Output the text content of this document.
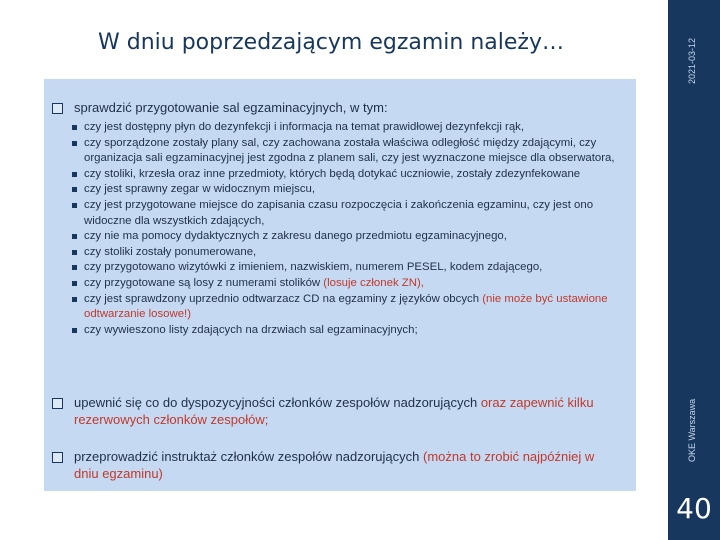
W dniu poprzedzającym egzamin należy…	2021-03-12
OKE Warszawa
40
sprawdzić przygotowanie sal egzaminacyjnych, w tym:
czy jest dostępny płyn do dezynfekcji i informacja na temat prawidłowej dezynfekcji rąk,
czy sporządzone zostały plany sal, czy zachowana została właściwa odległość między zdającymi, czy organizacja sali egzaminacyjnej jest zgodna z planem sali, czy jest wyznaczone miejsce dla obserwatora,
czy stoliki, krzesła oraz inne przedmioty, których będą dotykać uczniowie, zostały zdezynfekowane
czy jest sprawny zegar w widocznym miejscu,
czy jest przygotowane miejsce do zapisania czasu rozpoczęcia i zakończenia egzaminu, czy jest ono widoczne dla wszystkich zdających,
czy nie ma pomocy dydaktycznych z zakresu danego przedmiotu egzaminacyjnego,
czy stoliki zostały ponumerowane,
czy przygotowano wizytówki z imieniem, nazwiskiem, numerem PESEL, kodem zdającego,
czy przygotowane są losy z numerami stolików (losuje członek ZN),
czy jest sprawdzony uprzednio odtwarzacz CD na egzaminy z języków obcych (nie może być ustawione odtwarzanie losowe!)
czy wywieszono listy zdających na drzwiach sal egzaminacyjnych;
upewnić się co do dyspozycyjności członków zespołów nadzorujących oraz zapewnić kilku rezerwowych członków zespołów;
przeprowadzić instruktaż członków zespołów nadzorujących (można to zrobić najpóźniej w dniu egzaminu)
